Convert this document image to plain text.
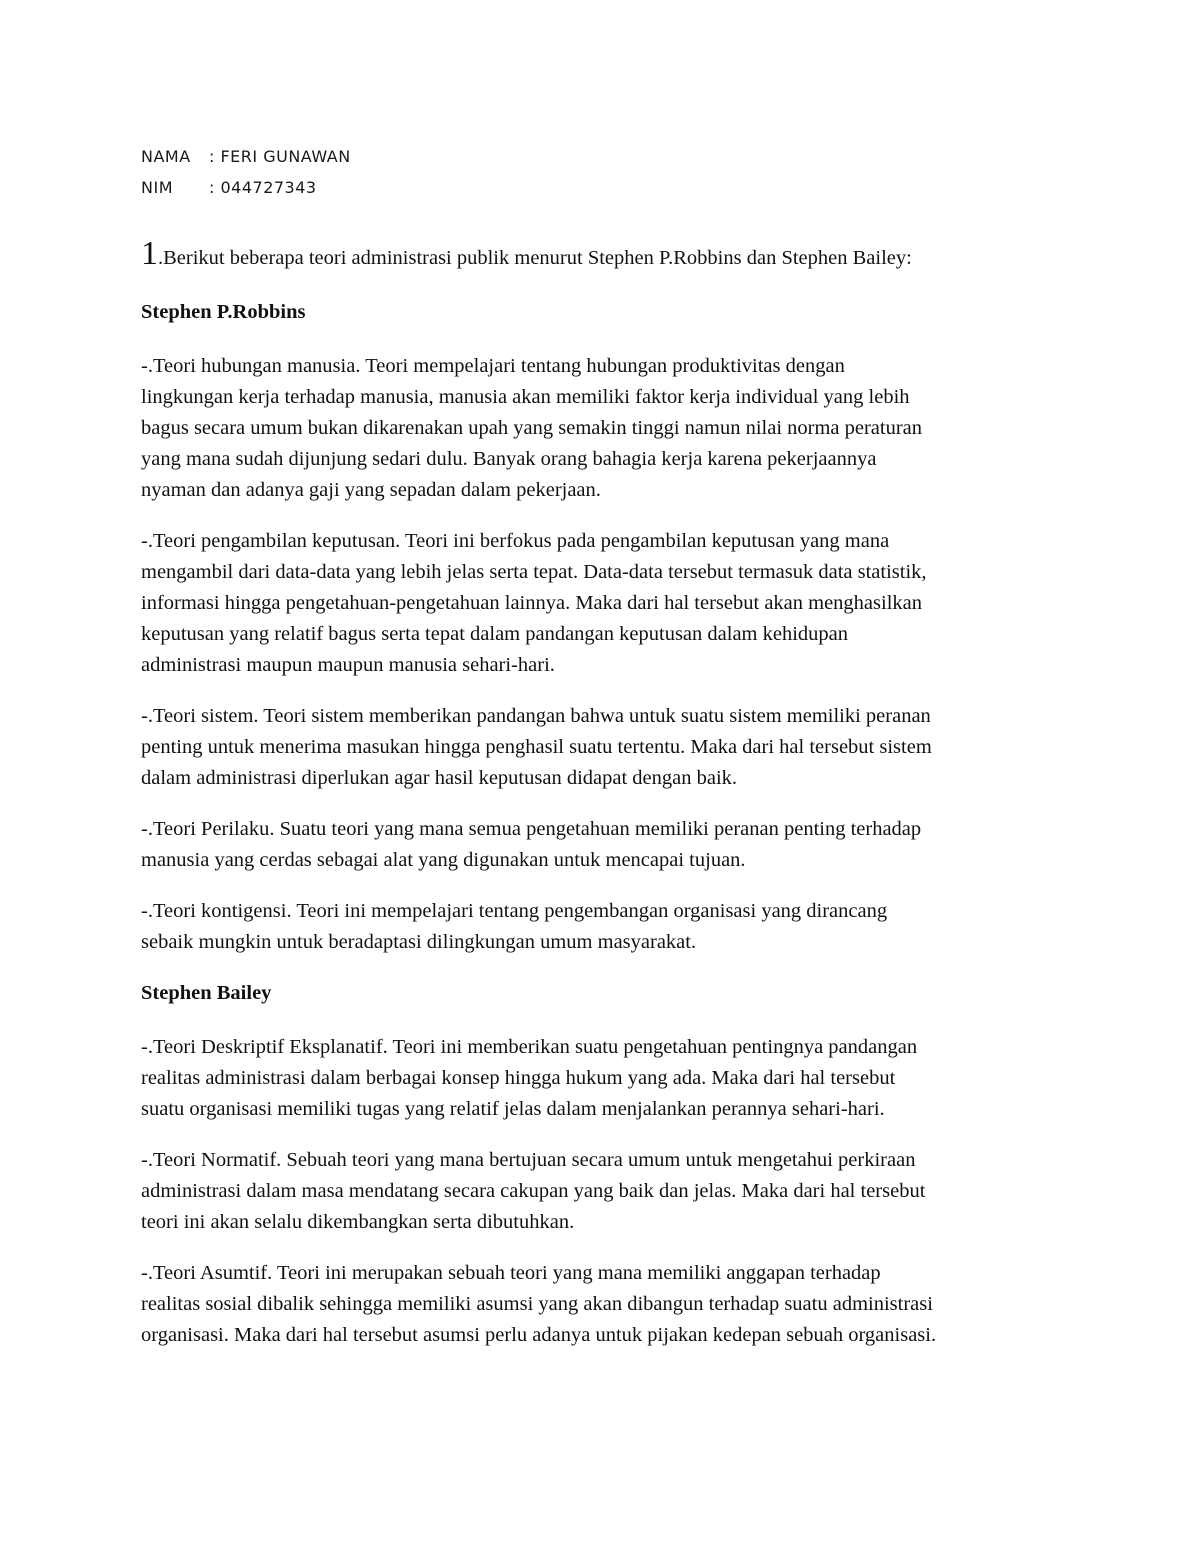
NAMA	: FERI GUNAWAN
NIM	: 044727343
1.Berikut beberapa teori administrasi publik menurut Stephen P.Robbins dan Stephen Bailey:
Stephen P.Robbins
-.Teori hubungan manusia. Teori mempelajari tentang hubungan produktivitas dengan
lingkungan kerja terhadap manusia, manusia akan memiliki faktor kerja individual yang lebih
bagus secara umum bukan dikarenakan upah yang semakin tinggi namun nilai norma peraturan
yang mana sudah dijunjung sedari dulu. Banyak orang bahagia kerja karena pekerjaannya
nyaman dan adanya gaji yang sepadan dalam pekerjaan.
-.Teori pengambilan keputusan. Teori ini berfokus pada pengambilan keputusan yang mana
mengambil dari data-data yang lebih jelas serta tepat. Data-data tersebut termasuk data statistik,
informasi hingga pengetahuan-pengetahuan lainnya. Maka dari hal tersebut akan menghasilkan
keputusan yang relatif bagus serta tepat dalam pandangan keputusan dalam kehidupan
administrasi maupun maupun manusia sehari-hari.
-.Teori sistem. Teori sistem memberikan pandangan bahwa untuk suatu sistem memiliki peranan
penting untuk menerima masukan hingga penghasil suatu tertentu. Maka dari hal tersebut sistem
dalam administrasi diperlukan agar hasil keputusan didapat dengan baik.
-.Teori Perilaku. Suatu teori yang mana semua pengetahuan memiliki peranan penting terhadap
manusia yang cerdas sebagai alat yang digunakan untuk mencapai tujuan.
-.Teori kontigensi. Teori ini mempelajari tentang pengembangan organisasi yang dirancang
sebaik mungkin untuk beradaptasi dilingkungan umum masyarakat.
Stephen Bailey
-.Teori Deskriptif Eksplanatif. Teori ini memberikan suatu pengetahuan pentingnya pandangan
realitas administrasi dalam berbagai konsep hingga hukum yang ada. Maka dari hal tersebut
suatu organisasi memiliki tugas yang relatif jelas dalam menjalankan perannya sehari-hari.
-.Teori Normatif. Sebuah teori yang mana bertujuan secara umum untuk mengetahui perkiraan
administrasi dalam masa mendatang secara cakupan yang baik dan jelas. Maka dari hal tersebut
teori ini akan selalu dikembangkan serta dibutuhkan.
-.Teori Asumtif. Teori ini merupakan sebuah teori yang mana memiliki anggapan terhadap
realitas sosial dibalik sehingga memiliki asumsi yang akan dibangun terhadap suatu administrasi
organisasi. Maka dari hal tersebut asumsi perlu adanya untuk pijakan kedepan sebuah organisasi.
